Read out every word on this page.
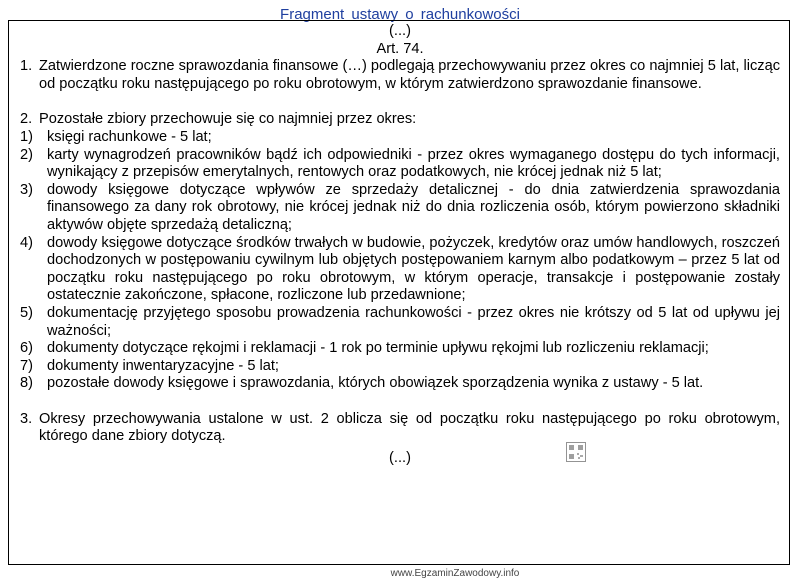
Fragment ustawy o rachunkowości

(...)

Art. 74.

1. Zatwierdzone roczne sprawozdania finansowe (…) podlegają przechowywaniu przez okres co najmniej 5 lat, licząc od początku roku następującego po roku obrotowym, w którym zatwierdzono sprawozdanie finansowe.
2. Pozostałe zbiory przechowuje się co najmniej przez okres:
1) księgi rachunkowe - 5 lat;
2) karty wynagrodzeń pracowników bądź ich odpowiedniki - przez okres wymaganego dostępu do tych informacji, wynikający z przepisów emerytalnych, rentowych oraz podatkowych, nie krócej jednak niż 5 lat;
3) dowody księgowe dotyczące wpływów ze sprzedaży detalicznej - do dnia zatwierdzenia sprawozdania finansowego za dany rok obrotowy, nie krócej jednak niż do dnia rozliczenia osób, którym powierzono składniki aktywów objęte sprzedażą detaliczną;
4) dowody księgowe dotyczące środków trwałych w budowie, pożyczek, kredytów oraz umów handlowych, roszczeń dochodzonych w postępowaniu cywilnym lub objętych postępowaniem karnym albo podatkowym – przez 5 lat od początku roku następującego po roku obrotowym, w którym operacje, transakcje i postępowanie zostały ostatecznie zakończone, spłacone, rozliczone lub przedawnione;
5) dokumentację przyjętego sposobu prowadzenia rachunkowości - przez okres nie krótszy od 5 lat od upływu jej ważności;
6) dokumenty dotyczące rękojmi i reklamacji - 1 rok po terminie upływu rękojmi lub rozliczeniu reklamacji;
7) dokumenty inwentaryzacyjne - 5 lat;
8) pozostałe dowody księgowe i sprawozdania, których obowiązek sporządzenia wynika z ustawy - 5 lat.
3. Okresy przechowywania ustalone w ust. 2 oblicza się od początku roku następującego po roku obrotowym, którego dane zbiory dotyczą.

(...)

www.EgzaminZawodowy.info
